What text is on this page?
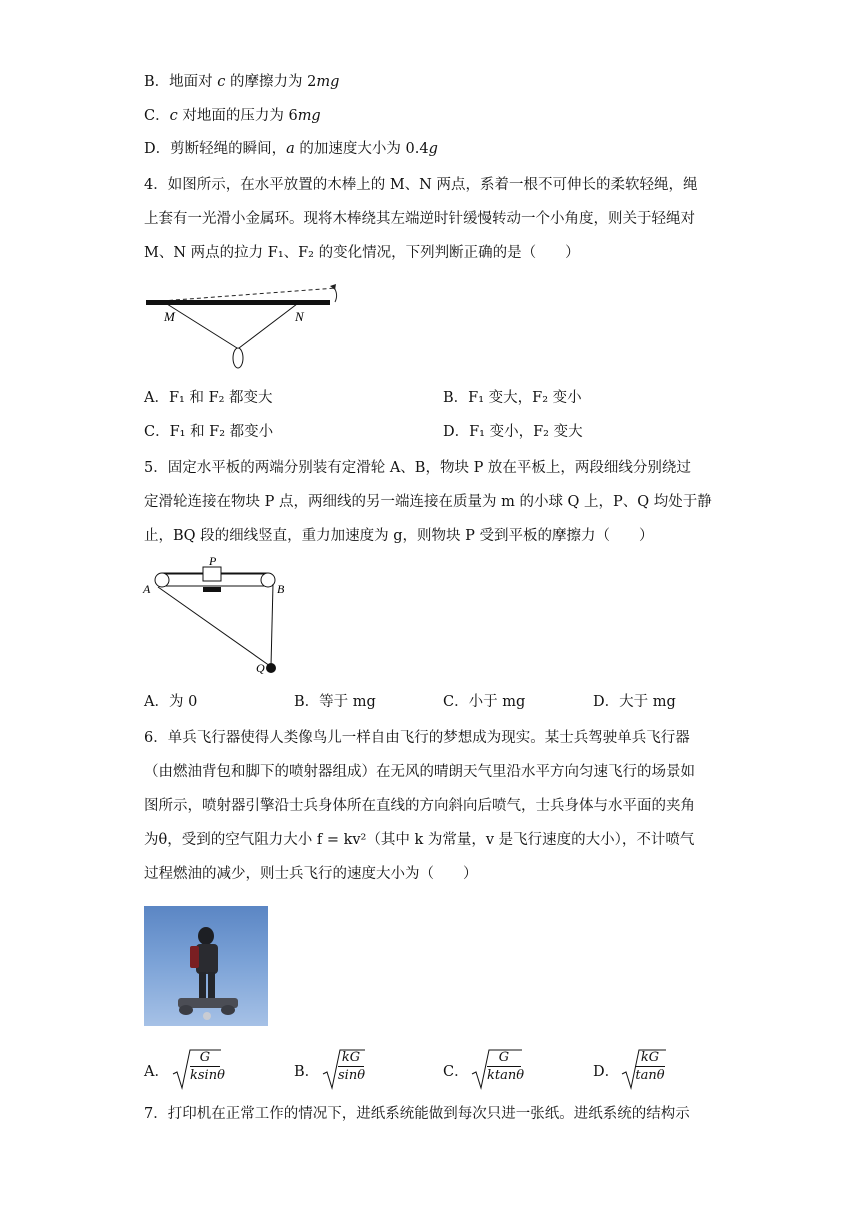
B．地面对 c 的摩擦力为 2mg
C．c 对地面的压力为 6mg
D．剪断轻绳的瞬间，a 的加速度大小为 0.4g
4．如图所示，在水平放置的木棒上的 M、N 两点，系着一根不可伸长的柔软轻绳，绳
上套有一光滑小金属环。现将木棒绕其左端逆时针缓慢转动一个小角度，则关于轻绳对
M、N 两点的拉力 F₁、F₂ 的变化情况，下列判断正确的是（　　）
M	N
A．F₁ 和 F₂ 都变大	B．F₁ 变大，F₂ 变小
C．F₁ 和 F₂ 都变小	D．F₁ 变小，F₂ 变大
5．固定水平板的两端分别装有定滑轮 A、B，物块 P 放在平板上，两段细线分别绕过
定滑轮连接在物块 P 点，两细线的另一端连接在质量为 m 的小球 Q 上，P、Q 均处于静
止，BQ 段的细线竖直，重力加速度为 g，则物块 P 受到平板的摩擦力（　　）
A	B
P
Q
A．为 0	B．等于 mg	C．小于 mg	D．大于 mg
6．单兵飞行器使得人类像鸟儿一样自由飞行的梦想成为现实。某士兵驾驶单兵飞行器
（由燃油背包和脚下的喷射器组成）在无风的晴朗天气里沿水平方向匀速飞行的场景如
图所示，喷射器引擎沿士兵身体所在直线的方向斜向后喷气，士兵身体与水平面的夹角
为θ，受到的空气阻力大小 f = kv²（其中 k 为常量，v 是飞行速度的大小），不计喷气
过程燃油的减少，则士兵飞行的速度大小为（　　）
A． $\frac{G}{ksin\theta}$	B． $\frac{kG}{\sin\theta}$	C． $\frac{G}{ktan\theta}$	D． $\frac{kG}{\tan\theta}$
7．打印机在正常工作的情况下，进纸系统能做到每次只进一张纸。进纸系统的结构示
